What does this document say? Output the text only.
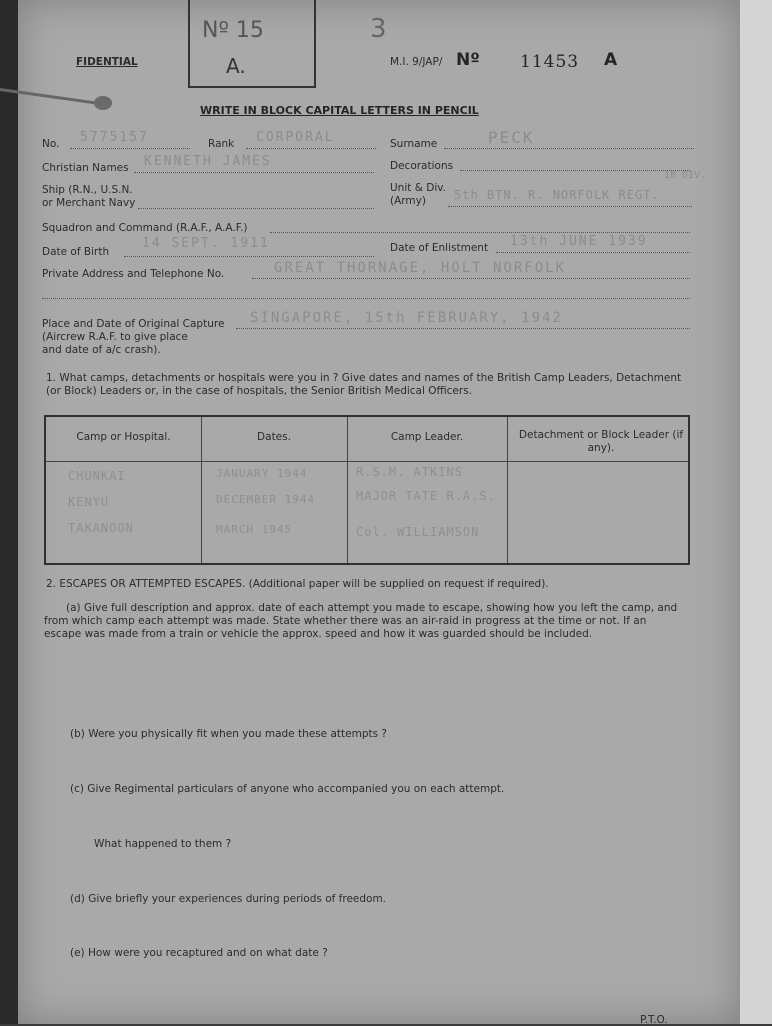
FIDENTIAL
Nº 15
A.
3
M.I. 9/JAP/ Nº 11453 A
WRITE IN BLOCK CAPITAL LETTERS IN PENCIL
No. 5775157	Rank CORPORAL	Surname	PECK
Christian Names KENNETH JAMES	Decorations
Ship (R.N., U.S.N.
or Merchant Navy
Unit & Div.
(Army) 5th BTN. R. NORFOLK REGT.
18 DIV.
Squadron and Command (R.A.F., A.A.F.)
Date of Birth
14 SEPT. 1911	Date of Enlistment 13th JUNE 1939
Private Address and Telephone No.	GREAT THORNAGE, HOLT NORFOLK
Place and Date of Original Capture
(Aircrew R.A.F. to give place
and date of a/c crash).
SINGAPORE, 15th FEBRUARY, 1942
1. What camps, detachments or hospitals were you in ? Give dates and names of the British Camp Leaders, Detachment
(or Block) Leaders or, in the case of hospitals, the Senior British Medical Officers.
Camp or Hospital.	Dates.	Camp Leader.	Detachment or Block Leader (if any).
CHUNKAI	JANUARY 1944	R.S.M. ATKINS
KENYU	DECEMBER 1944	MAJOR TATE R.A.S.
TAKANOON	MARCH 1945	Col. WILLIAMSON
2. ESCAPES OR ATTEMPTED ESCAPES. (Additional paper will be supplied on request if required).
(a) Give full description and approx. date of each attempt you made to escape, showing how you left the camp, and
from which camp each attempt was made. State whether there was an air-raid in progress at the time or not. If an
escape was made from a train or vehicle the approx. speed and how it was guarded should be included.
(b) Were you physically fit when you made these attempts ?
(c) Give Regimental particulars of anyone who accompanied you on each attempt.
What happened to them ?
(d) Give briefly your experiences during periods of freedom.
(e) How were you recaptured and on what date ?
P.T.O.
